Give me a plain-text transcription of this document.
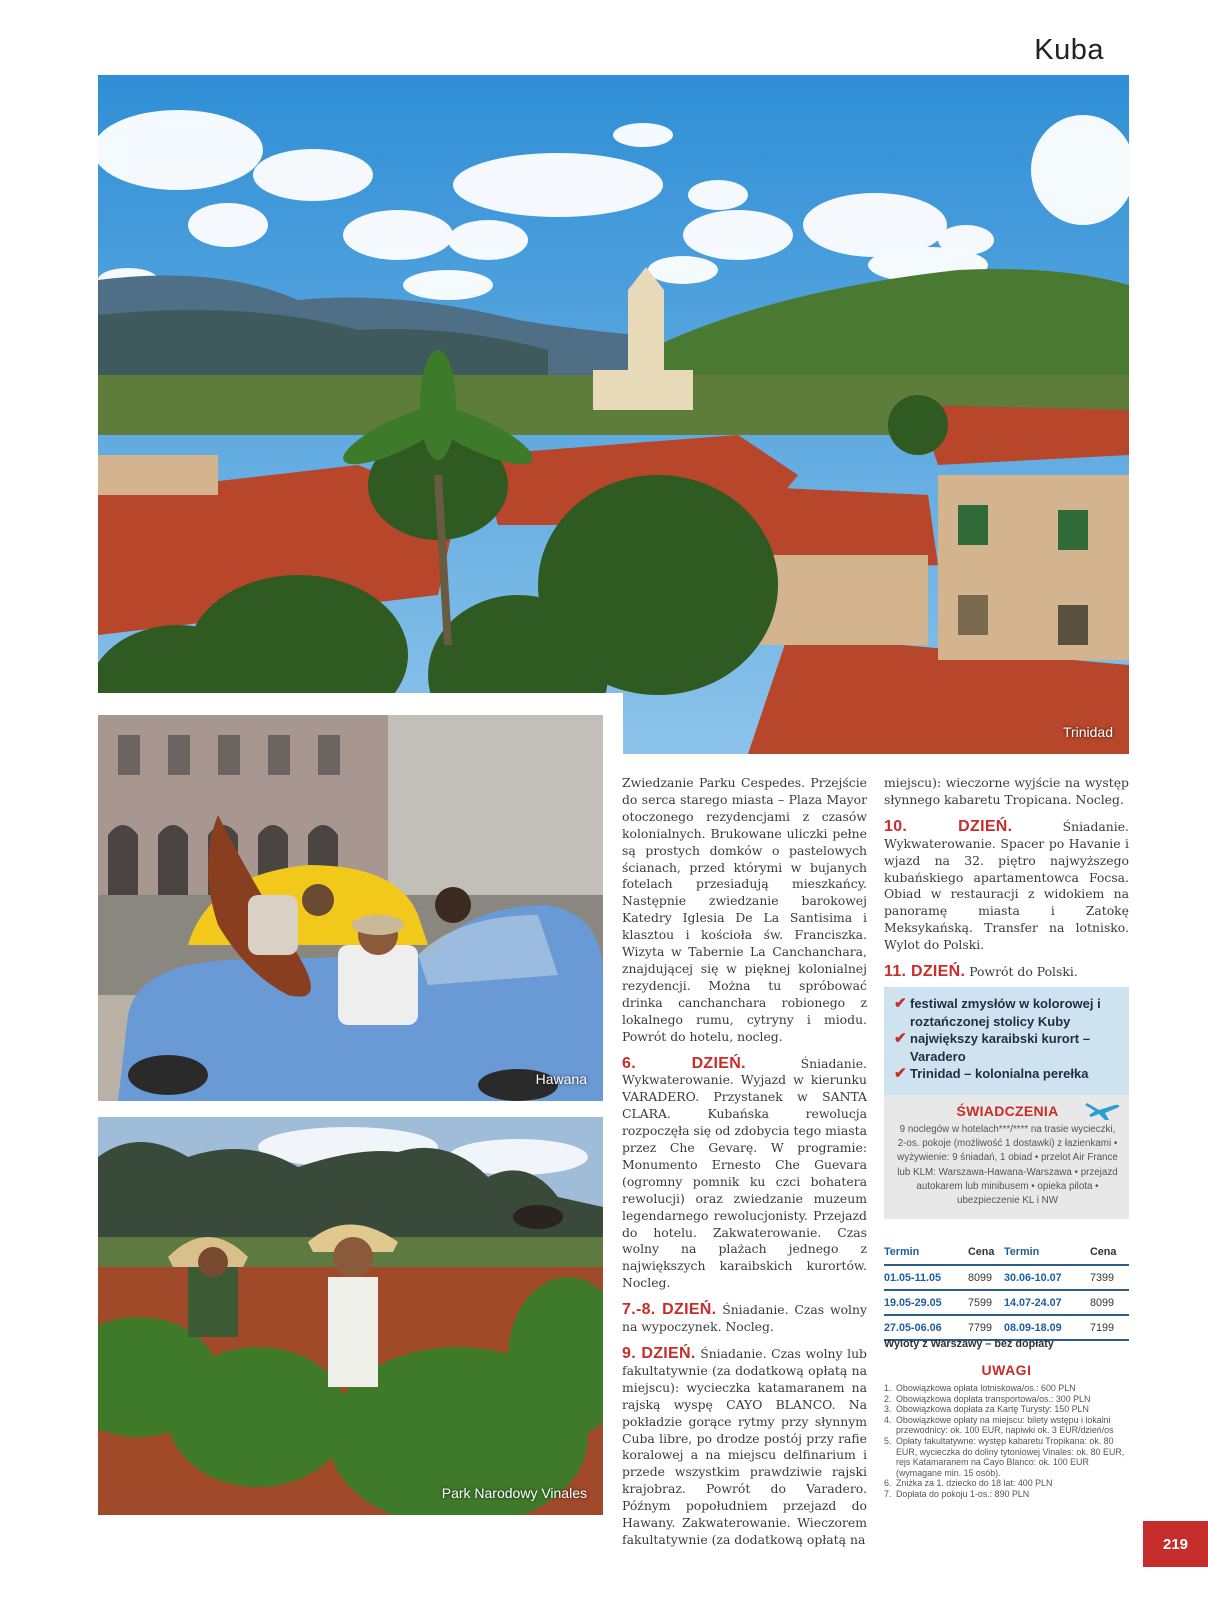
Kuba
Trinidad
Hawana
Park Narodowy Vinales

Zwiedzanie Parku Cespedes. Przejście do serca starego miasta – Plaza Mayor otoczonego rezydencjami z czasów kolonialnych. Brukowane uliczki pełne są prostych domków o pastelowych ścianach, przed którymi w bujanych fotelach przesiadują mieszkańcy. Następnie zwiedzanie barokowej Katedry Iglesia De La Santisima i klasztou i kościoła św. Franciszka. Wizyta w Tabernie La Canchanchara, znajdującej się w pięknej kolonialnej rezydencji. Można tu spróbować drinka canchanchara robionego z lokalnego rumu, cytryny i miodu. Powrót do hotelu, nocleg.

6. DZIEŃ.	Śniadanie. Wykwaterowanie. Wyjazd w kierunku VARADERO. Przystanek w SANTA CLARA. Kubańska rewolucja rozpoczęła się od zdobycia tego miasta przez Che Gevarę. W programie: Monumento Ernesto Che Guevara (ogromny pomnik ku czci bohatera rewolucji) oraz zwiedzanie muzeum legendarnego rewolucjonisty. Przejazd do hotelu. Zakwaterowanie. Czas wolny na plażach jednego z największych karaibskich kurortów. Nocleg.

7.-8. DZIEŃ. Śniadanie. Czas wolny na wypoczynek. Nocleg.

9. DZIEŃ. Śniadanie. Czas wolny lub fakultatywnie (za dodatkową opłatą na miejscu): wycieczka katamaranem na rajską wyspę CAYO BLANCO. Na pokładzie gorące rytmy przy słynnym Cuba libre, po drodze postój przy rafie koralowej a na miejscu delfinarium i przede wszystkim prawdziwie rajski krajobraz. Powrót do Varadero. Późnym popołudniem przejazd do Hawany. Zakwaterowanie. Wieczorem fakultatywnie (za dodatkową opłatą na

miejscu): wieczorne wyjście na występ słynnego kabaretu Tropicana. Nocleg.

10. DZIEŃ.	Śniadanie. Wykwaterowanie. Spacer po Havanie i wjazd na 32. piętro najwyższego kubańskiego apartamentowca Focsa. Obiad w restauracji z widokiem na panoramę miasta i Zatokę Meksykańską. Transfer na lotnisko. Wylot do Polski.

11. DZIEŃ. Powrót do Polski.

✔ festiwal zmysłów w kolorowej i roztańczonej stolicy Kuby
✔ największy karaibski kurort – Varadero
✔ Trinidad – kolonialna perełka
ŚWIADCZENIA
9 noclegów w hotelach***/**** na trasie wycieczki, 2-os. pokoje (możliwość 1 dostawki) z łazienkami • wyżywienie: 9 śniadań, 1 obiad • przelot Air France lub KLM: Warszawa-Hawana-Warszawa • przejazd autokarem lub minibusem • opieka pilota • ubezpieczenie KL i NW
Termin	Cena Termin	Cena
01.05-11.05	8099	30.06-10.07	7399
19.05-29.05	7599	14.07-24.07	8099
27.05-06.06	7799	08.09-18.09	7199
Wyloty z Warszawy – bez dopłaty
UWAGI
1. Obowiązkowa opłata lotniskowa/os.: 600 PLN
2. Obowiązkowa dopłata transportowa/os.: 300 PLN
3. Obowiązkowa dopłata za Kartę Turysty: 150 PLN
4. Obowiązkowe opłaty na miejscu: bilety wstępu i lokalni przewodnicy: ok. 100 EUR, napiwki ok. 3 EUR/dzień/os
5. Opłaty fakultatywne: występ kabaretu Tropikana: ok. 80 EUR, wycieczka do doliny tytoniowej Vinales: ok. 80 EUR, rejs Katamaranem na Cayo Blanco: ok. 100 EUR (wymagane min. 15 osób).
6. Zniżka za 1. dziecko do 18 lat: 400 PLN
7. Dopłata do pokoju 1-os.: 890 PLN
219
